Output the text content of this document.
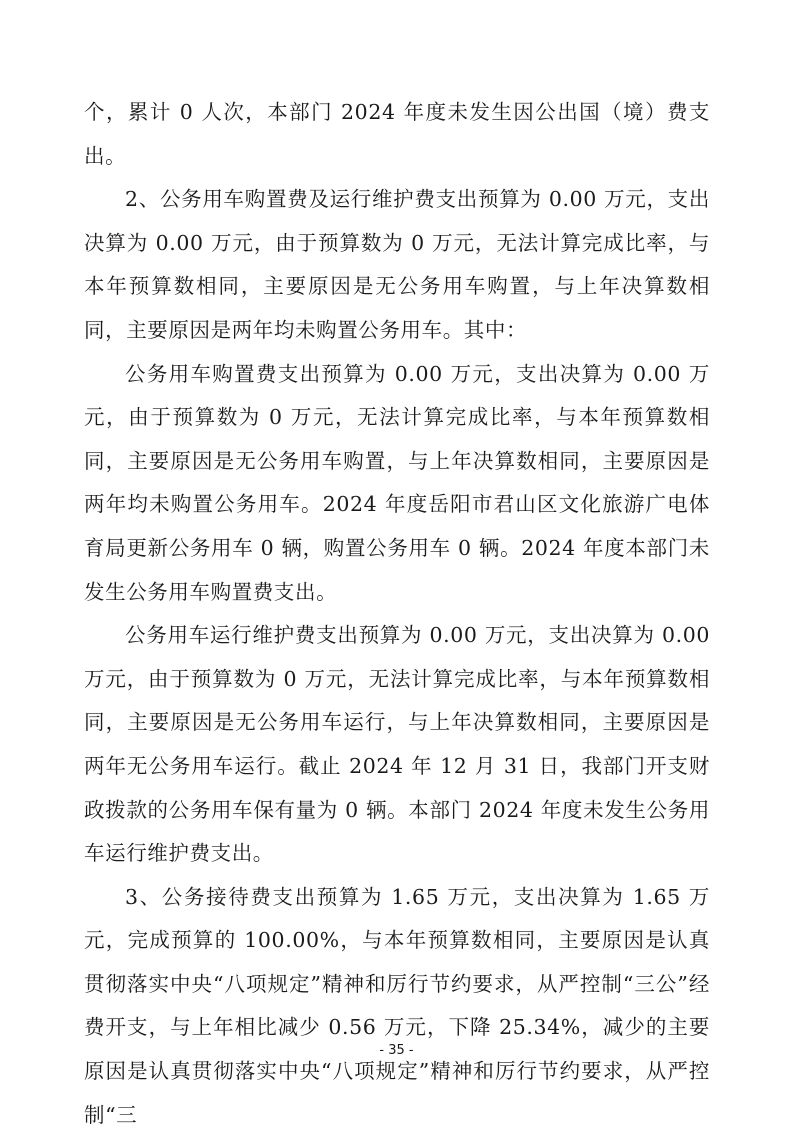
个，累计 0 人次，本部门 2024 年度未发生因公出国（境）费支出。

2、公务用车购置费及运行维护费支出预算为 0.00 万元，支出决算为 0.00 万元，由于预算数为 0 万元，无法计算完成比率，与本年预算数相同，主要原因是无公务用车购置，与上年决算数相同，主要原因是两年均未购置公务用车。其中：

公务用车购置费支出预算为 0.00 万元，支出决算为 0.00 万元，由于预算数为 0 万元，无法计算完成比率，与本年预算数相同，主要原因是无公务用车购置，与上年决算数相同，主要原因是两年均未购置公务用车。2024 年度岳阳市君山区文化旅游广电体育局更新公务用车 0 辆，购置公务用车 0 辆。2024 年度本部门未发生公务用车购置费支出。

公务用车运行维护费支出预算为 0.00 万元，支出决算为 0.00 万元，由于预算数为 0 万元，无法计算完成比率，与本年预算数相同，主要原因是无公务用车运行，与上年决算数相同，主要原因是两年无公务用车运行。截止 2024 年 12 月 31 日，我部门开支财政拨款的公务用车保有量为 0 辆。本部门 2024 年度未发生公务用车运行维护费支出。

3、公务接待费支出预算为 1.65 万元，支出决算为 1.65 万元，完成预算的 100.00%，与本年预算数相同，主要原因是认真贯彻落实中央“八项规定”精神和厉行节约要求，从严控制“三公”经费开支，与上年相比减少 0.56 万元，下降 25.34%，减少的主要原因是认真贯彻落实中央“八项规定”精神和厉行节约要求，从严控制“三

- 35 -
